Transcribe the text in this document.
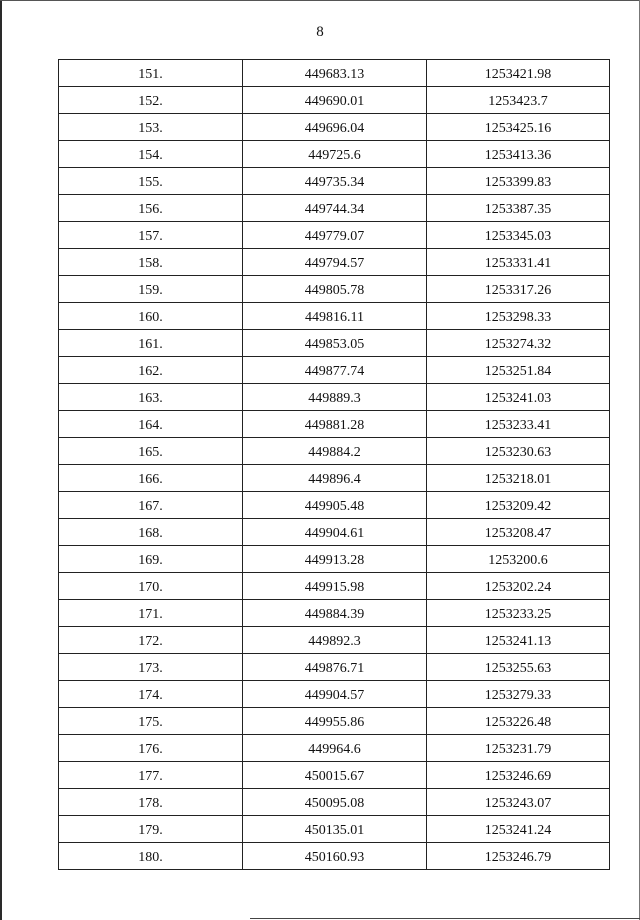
8
151.	449683.13	1253421.98
152.	449690.01	1253423.7
153.	449696.04	1253425.16
154.	449725.6	1253413.36
155.	449735.34	1253399.83
156.	449744.34	1253387.35
157.	449779.07	1253345.03
158.	449794.57	1253331.41
159.	449805.78	1253317.26
160.	449816.11	1253298.33
161.	449853.05	1253274.32
162.	449877.74	1253251.84
163.	449889.3	1253241.03
164.	449881.28	1253233.41
165.	449884.2	1253230.63
166.	449896.4	1253218.01
167.	449905.48	1253209.42
168.	449904.61	1253208.47
169.	449913.28	1253200.6
170.	449915.98	1253202.24
171.	449884.39	1253233.25
172.	449892.3	1253241.13
173.	449876.71	1253255.63
174.	449904.57	1253279.33
175.	449955.86	1253226.48
176.	449964.6	1253231.79
177.	450015.67	1253246.69
178.	450095.08	1253243.07
179.	450135.01	1253241.24
180.	450160.93	1253246.79
